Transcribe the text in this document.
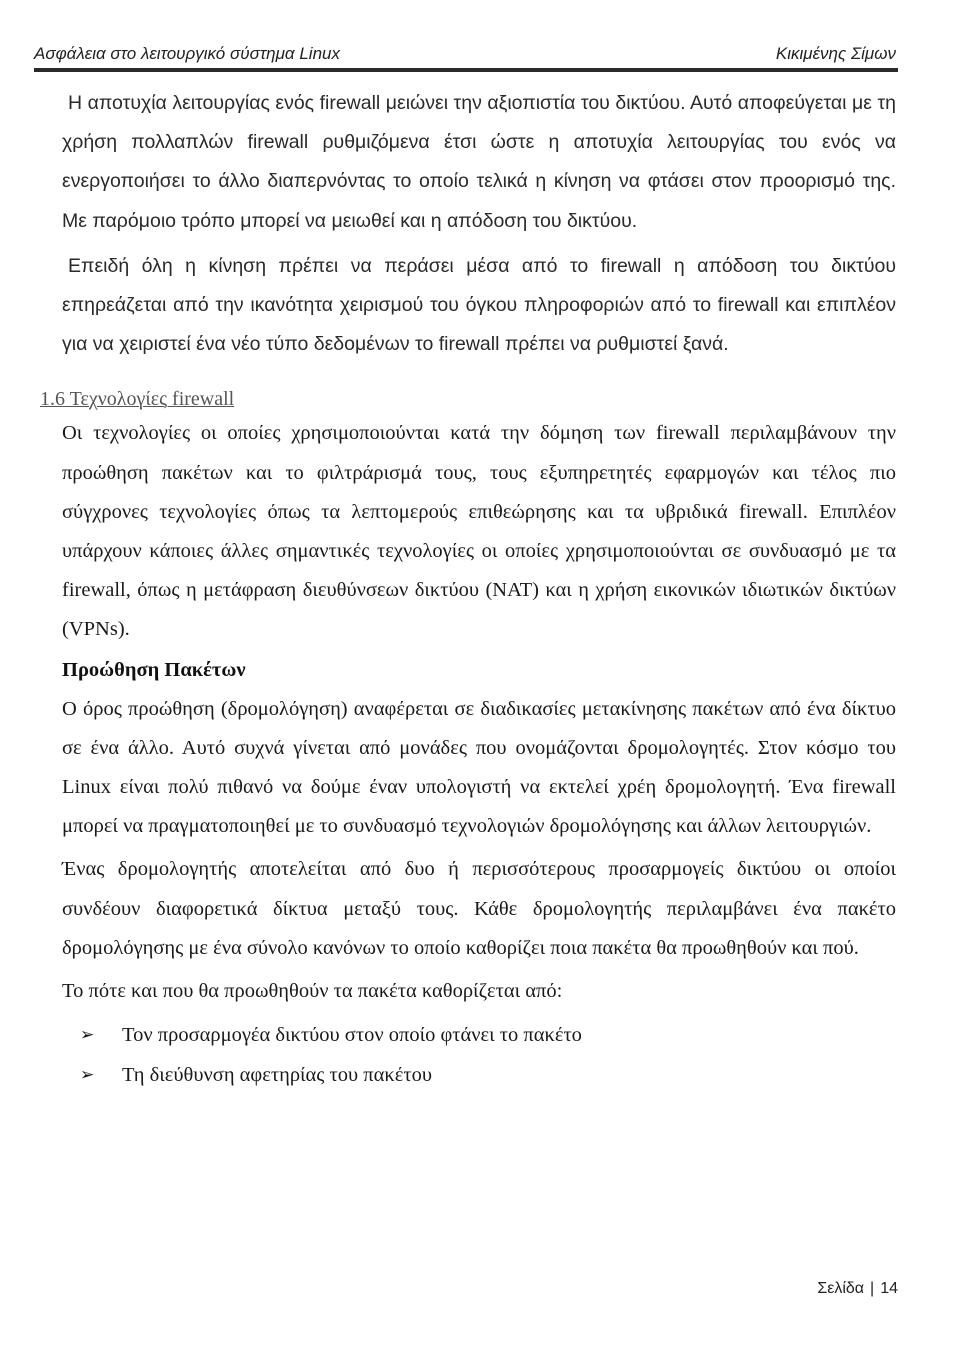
Ασφάλεια στο λειτουργικό σύστημα Linux	Κικιμένης Σίμων

Η αποτυχία λειτουργίας ενός firewall μειώνει την αξιοπιστία του δικτύου. Αυτό αποφεύγεται με τη χρήση πολλαπλών firewall ρυθμιζόμενα έτσι ώστε η αποτυχία λειτουργίας του ενός να ενεργοποιήσει το άλλο διαπερνόντας το οποίο τελικά η κίνηση να φτάσει στον προορισμό της. Με παρόμοιο τρόπο μπορεί να μειωθεί και η απόδοση του δικτύου.

Επειδή όλη η κίνηση πρέπει να περάσει μέσα από το firewall η απόδοση του δικτύου επηρεάζεται από την ικανότητα χειρισμού του όγκου πληροφοριών από το firewall και επιπλέον για να χειριστεί ένα νέο τύπο δεδομένων το firewall πρέπει να ρυθμιστεί ξανά.

1.6 Τεχνολογίες firewall

Οι τεχνολογίες οι οποίες χρησιμοποιούνται κατά την δόμηση των firewall περιλαμβάνουν την προώθηση πακέτων και το φιλτράρισμά τους, τους εξυπηρετητές εφαρμογών και τέλος πιο σύγχρονες τεχνολογίες όπως τα λεπτομερούς επιθεώρησης και τα υβριδικά firewall. Επιπλέον υπάρχουν κάποιες άλλες σημαντικές τεχνολογίες οι οποίες χρησιμοποιούνται σε συνδυασμό με τα firewall, όπως η μετάφραση διευθύνσεων δικτύου (NAT) και η χρήση εικονικών ιδιωτικών δικτύων (VPNs).

Προώθηση Πακέτων

Ο όρος προώθηση (δρομολόγηση) αναφέρεται σε διαδικασίες μετακίνησης πακέτων από ένα δίκτυο σε ένα άλλο. Αυτό συχνά γίνεται από μονάδες που ονομάζονται δρομολογητές. Στον κόσμο του Linux είναι πολύ πιθανό να δούμε έναν υπολογιστή να εκτελεί χρέη δρομολογητή. Ένα firewall μπορεί να πραγματοποιηθεί με το συνδυασμό τεχνολογιών δρομολόγησης και άλλων λειτουργιών.

Ένας δρομολογητής αποτελείται από δυο ή περισσότερους προσαρμογείς δικτύου οι οποίοι συνδέουν διαφορετικά δίκτυα μεταξύ τους. Κάθε δρομολογητής περιλαμβάνει ένα πακέτο δρομολόγησης με ένα σύνολο κανόνων το οποίο καθορίζει ποια πακέτα θα προωθηθούν και πού.

Το πότε και που θα προωθηθούν τα πακέτα καθορίζεται από:

➢ Τον προσαρμογέα δικτύου στον οποίο φτάνει το πακέτο
➢ Τη διεύθυνση αφετηρίας του πακέτου
Σελίδα | 14
